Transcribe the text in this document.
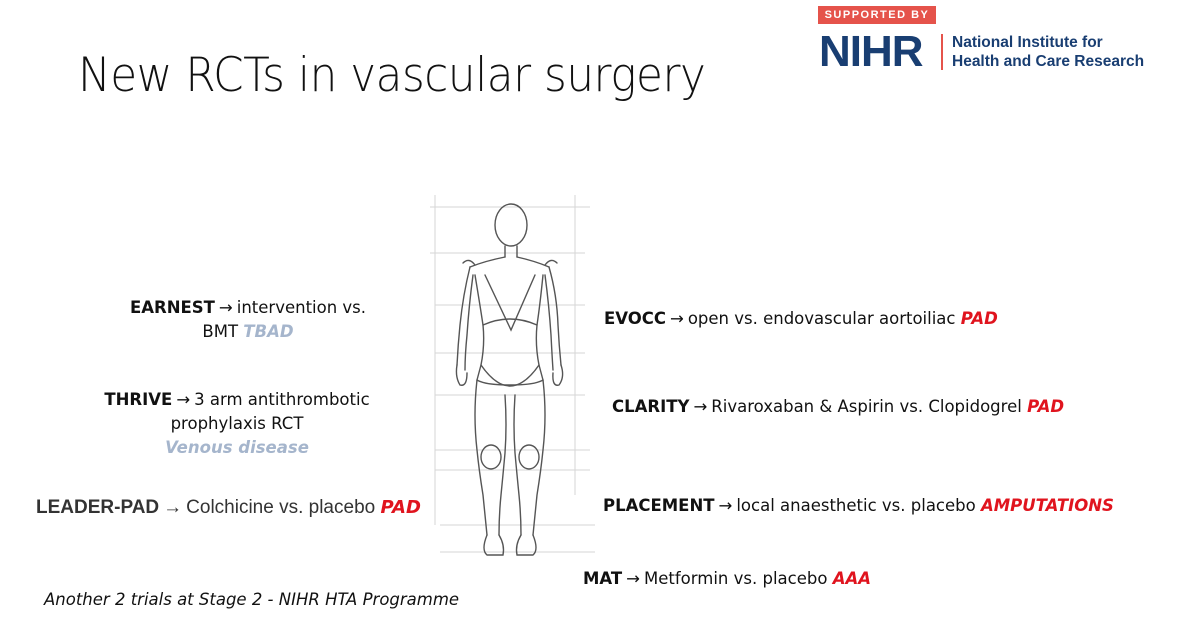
New RCTs in vascular surgery
SUPPORTED BY
NIHR National Institute for
Health and Care Research
EARNEST → intervention vs.
BMT TBAD
THRIVE → 3 arm antithrombotic
prophylaxis RCT
Venous disease
LEADER-PAD → Colchicine vs. placebo PAD
EVOCC → open vs. endovascular aortoiliac PAD
CLARITY → Rivaroxaban & Aspirin vs. Clopidogrel PAD
PLACEMENT → local anaesthetic vs. placebo AMPUTATIONS
MAT → Metformin vs. placebo AAA
Another 2 trials at Stage 2 - NIHR HTA Programme
